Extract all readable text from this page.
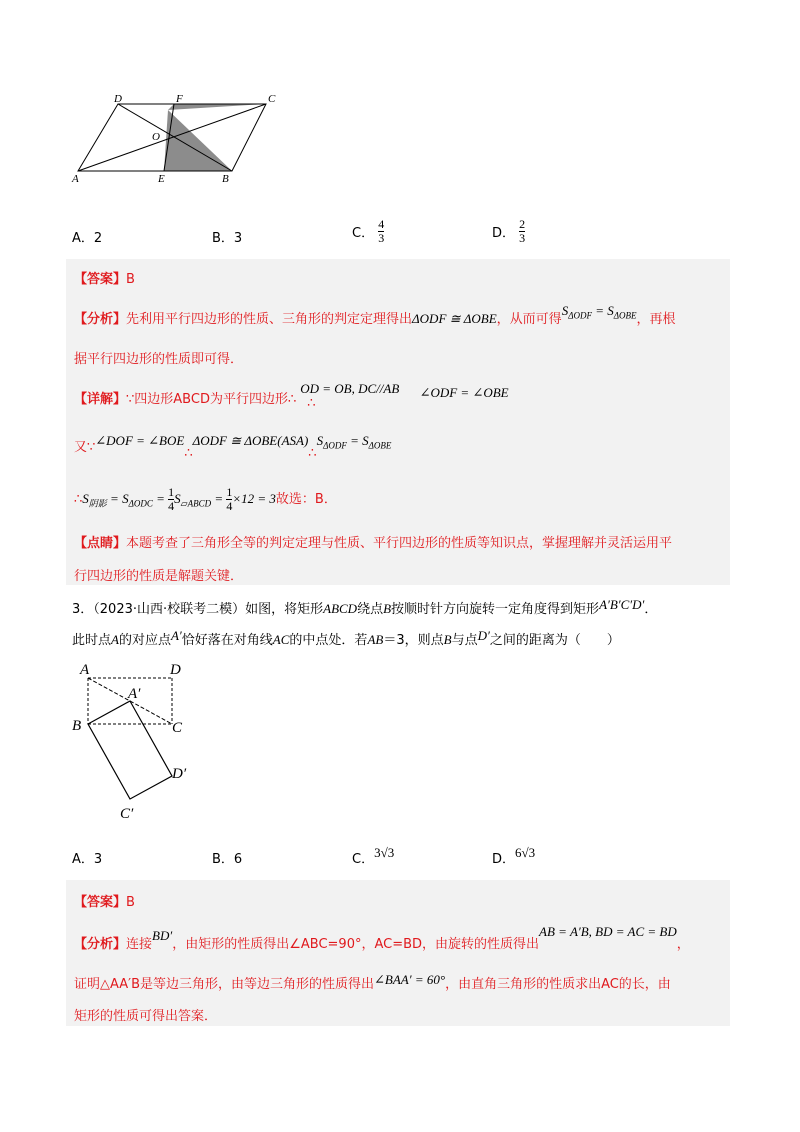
D	F	C
O
A	E	B
A．2	B．3	C． $\frac{4}{3}$	D． $\frac{2}{3}$
【答案】B
【分析】先利用平行四边形的性质、三角形的判定定理得出ΔODF ≅ ΔOBE，从而可得$S_{\Delta ODF} = S_{\Delta OBE}$，再根
据平行四边形的性质即可得．
【详解】∵四边形ABCD为平行四边形∴OD = OB, DC//AB∴∠ODF = ∠OBE
又∵∠DOF = ∠BOE∴ΔODF ≅ $\Delta OBE(ASA)\therefore S_{\Delta ODF} = S_{\Delta OBE}$
$\therefore S_{阴影} = S_{\Delta ODC} = \frac{1}{4} S_{▱ABCD} = \frac{1}{4} \times 12 = 3$故选：B．
【点睛】本题考查了三角形全等的判定定理与性质、平行四边形的性质等知识点，掌握理解并灵活运用平
行四边形的性质是解题关键．
3．（2023·山西·校联考二模）如图，将矩形ABCD绕点B按顺时针方向旋转一定角度得到矩形A′B′C′D′．
此时点A的对应点A′恰好落在对角线AC的中点处．若AB＝3，则点B与点D′之间的距离为（　　）
A	D
A′
B	C
D′
C′
A．3	B．6	C．3√3	D．6√3
【答案】B
【分析】连接BD′，由矩形的性质得出∠ABC=90°，AC=BD，由旋转的性质得出AB = A′B, BD = AC = BD，
证明△AA′B是等边三角形，由等边三角形的性质得出∠BAA′ = 60°，由直角三角形的性质求出AC的长，由
矩形的性质可得出答案．
